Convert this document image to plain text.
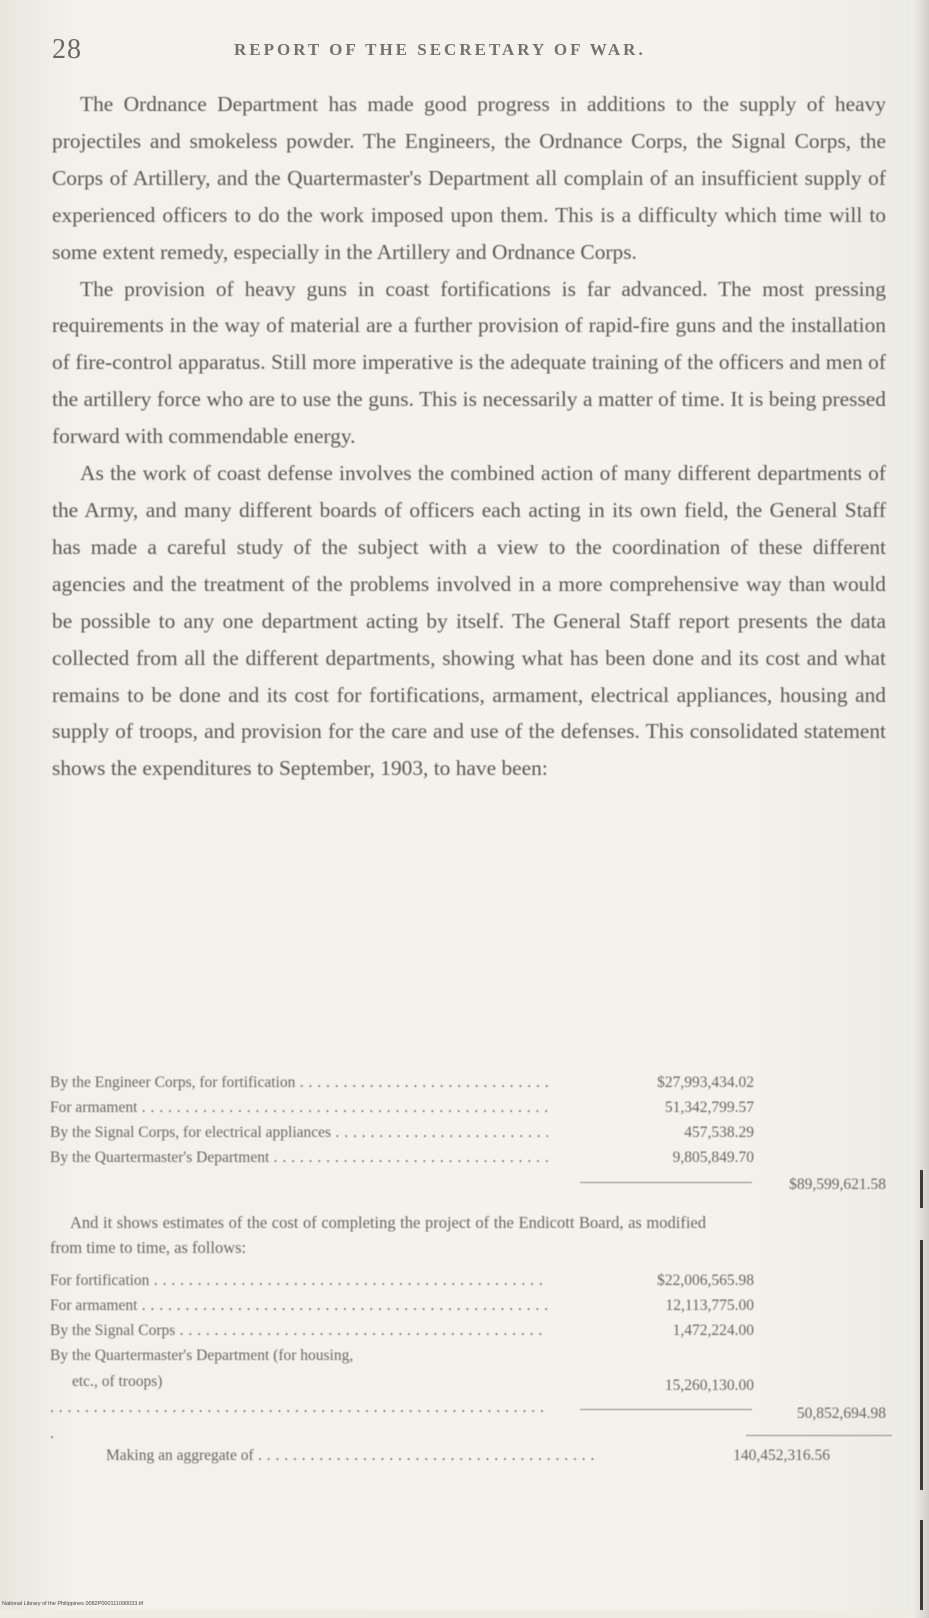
28	REPORT OF THE SECRETARY OF WAR.

The Ordnance Department has made good progress in additions to the supply of heavy projectiles and smokeless powder. The Engineers, the Ordnance Corps, the Signal Corps, the Corps of Artillery, and the Quartermaster's Department all complain of an insufficient supply of experienced officers to do the work imposed upon them. This is a difficulty which time will to some extent remedy, especially in the Artillery and Ordnance Corps.

The provision of heavy guns in coast fortifications is far advanced. The most pressing requirements in the way of material are a further provision of rapid-fire guns and the installation of fire-control apparatus. Still more imperative is the adequate training of the officers and men of the artillery force who are to use the guns. This is necessarily a matter of time. It is being pressed forward with commendable energy.

As the work of coast defense involves the combined action of many different departments of the Army, and many different boards of officers each acting in its own field, the General Staff has made a careful study of the subject with a view to the coordination of these different agencies and the treatment of the problems involved in a more comprehensive way than would be possible to any one department acting by itself. The General Staff report presents the data collected from all the different departments, showing what has been done and its cost and what remains to be done and its cost for fortifications, armament, electrical appliances, housing and supply of troops, and provision for the care and use of the defenses. This consolidated statement shows the expenditures to September, 1903, to have been:

By the Engineer Corps, for fortification . . .	$27,993,434.02
For armament . . .	51,342,799.57
By the Signal Corps, for electrical appliances . . .	457,538.29
By the Quartermaster's Department . . .	9,805,849.70
$89,599,621.58
And it shows estimates of the cost of completing the project of the Endicott Board, as modified from time to time, as follows:
For fortification . . .	$22,006,565.98
For armament . . .	12,113,775.00
By the Signal Corps . . .	1,472,224.00
By the Quartermaster's Department (for housing,
etc., of troops)
. . .	15,260,130.00
50,852,694.98
Making an aggregate of . . .	140,452,316.56
National Library of the Philippines 0082P000111090033.tif
